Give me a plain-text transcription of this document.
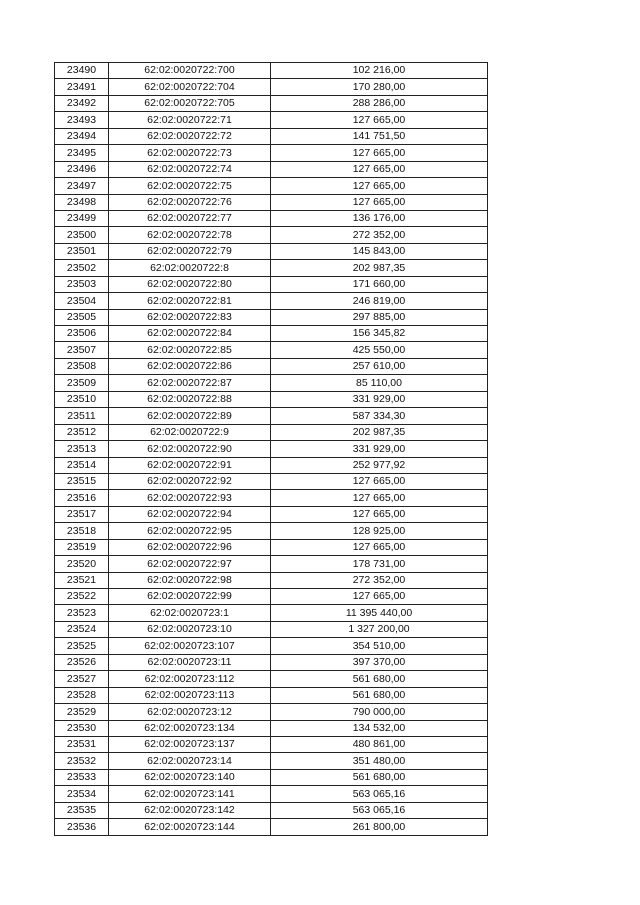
23490	62:02:0020722:700	102 216,00
23491	62:02:0020722:704	170 280,00
23492	62:02:0020722:705	288 286,00
23493	62:02:0020722:71	127 665,00
23494	62:02:0020722:72	141 751,50
23495	62:02:0020722:73	127 665,00
23496	62:02:0020722:74	127 665,00
23497	62:02:0020722:75	127 665,00
23498	62:02:0020722:76	127 665,00
23499	62:02:0020722:77	136 176,00
23500	62:02:0020722:78	272 352,00
23501	62:02:0020722:79	145 843,00
23502	62:02:0020722:8	202 987,35
23503	62:02:0020722:80	171 660,00
23504	62:02:0020722:81	246 819,00
23505	62:02:0020722:83	297 885,00
23506	62:02:0020722:84	156 345,82
23507	62:02:0020722:85	425 550,00
23508	62:02:0020722:86	257 610,00
23509	62:02:0020722:87	85 110,00
23510	62:02:0020722:88	331 929,00
23511	62:02:0020722:89	587 334,30
23512	62:02:0020722:9	202 987,35
23513	62:02:0020722:90	331 929,00
23514	62:02:0020722:91	252 977,92
23515	62:02:0020722:92	127 665,00
23516	62:02:0020722:93	127 665,00
23517	62:02:0020722:94	127 665,00
23518	62:02:0020722:95	128 925,00
23519	62:02:0020722:96	127 665,00
23520	62:02:0020722:97	178 731,00
23521	62:02:0020722:98	272 352,00
23522	62:02:0020722:99	127 665,00
23523	62:02:0020723:1	11 395 440,00
23524	62:02:0020723:10	1 327 200,00
23525	62:02:0020723:107	354 510,00
23526	62:02:0020723:11	397 370,00
23527	62:02:0020723:112	561 680,00
23528	62:02:0020723:113	561 680,00
23529	62:02:0020723:12	790 000,00
23530	62:02:0020723:134	134 532,00
23531	62:02:0020723:137	480 861,00
23532	62:02:0020723:14	351 480,00
23533	62:02:0020723:140	561 680,00
23534	62:02:0020723:141	563 065,16
23535	62:02:0020723:142	563 065,16
23536	62:02:0020723:144	261 800,00
